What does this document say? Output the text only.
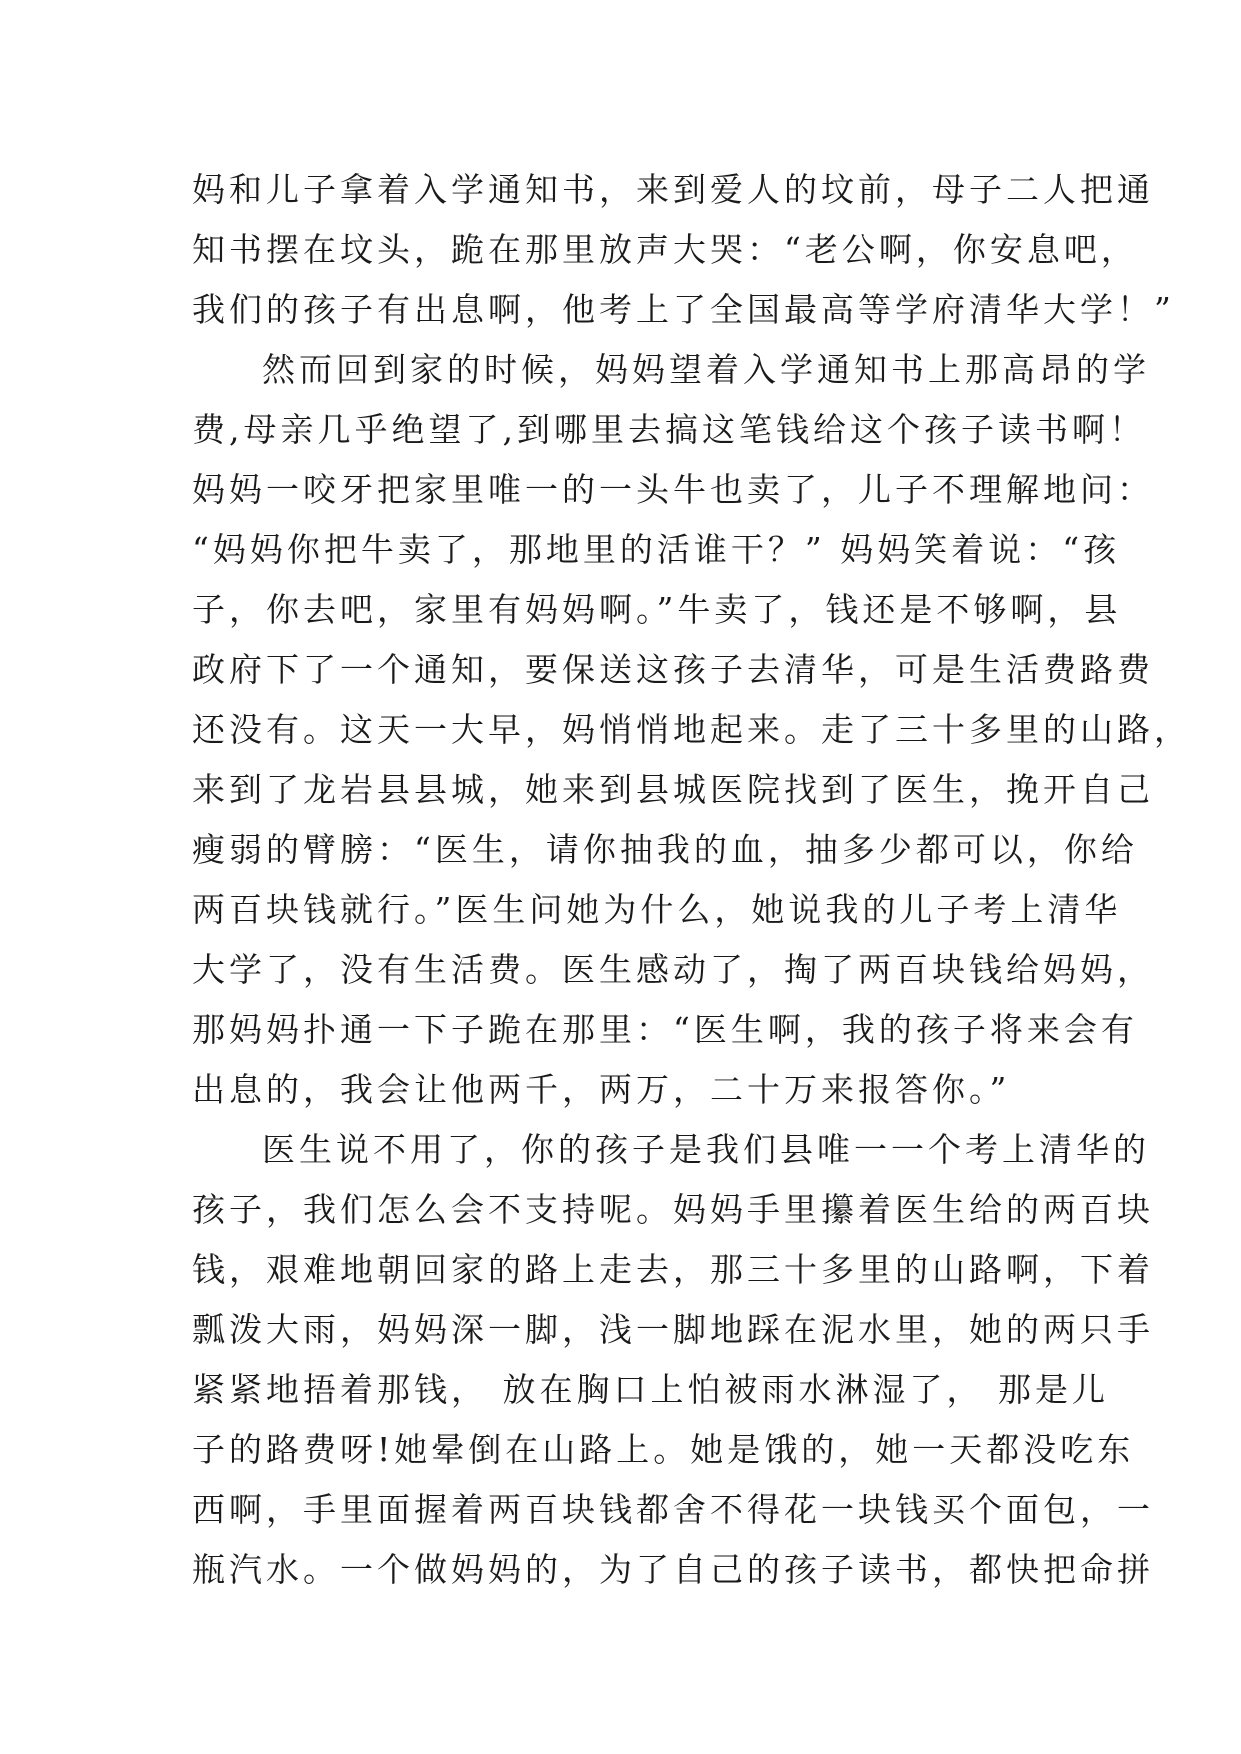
妈和儿子拿着入学通知书，来到爱人的坟前，母子二人把通
知书摆在坟头，跪在那里放声大哭：“老公啊，你安息吧，
我们的孩子有出息啊，他考上了全国最高等学府清华大学！”
然而回到家的时候，妈妈望着入学通知书上那高昂的学
费,母亲几乎绝望了,到哪里去搞这笔钱给这个孩子读书啊！
妈妈一咬牙把家里唯一的一头牛也卖了，儿子不理解地问：
“妈妈你把牛卖了，那地里的活谁干？” 妈妈笑着说：“孩
子，你去吧，家里有妈妈啊。”牛卖了，钱还是不够啊，县
政府下了一个通知，要保送这孩子去清华，可是生活费路费
还没有。这天一大早，妈悄悄地起来。走了三十多里的山路，
来到了龙岩县县城，她来到县城医院找到了医生，挽开自己
瘦弱的臂膀：“医生，请你抽我的血，抽多少都可以，你给
两百块钱就行。”医生问她为什么，她说我的儿子考上清华
大学了，没有生活费。医生感动了，掏了两百块钱给妈妈，
那妈妈扑通一下子跪在那里：“医生啊，我的孩子将来会有
出息的，我会让他两千，两万，二十万来报答你。”
医生说不用了，你的孩子是我们县唯一一个考上清华的
孩子，我们怎么会不支持呢。妈妈手里攥着医生给的两百块
钱，艰难地朝回家的路上走去，那三十多里的山路啊，下着
瓢泼大雨，妈妈深一脚，浅一脚地踩在泥水里，她的两只手
紧紧地捂着那钱， 放在胸口上怕被雨水淋湿了， 那是儿
子的路费呀!她晕倒在山路上。她是饿的，她一天都没吃东
西啊，手里面握着两百块钱都舍不得花一块钱买个面包，一
瓶汽水。一个做妈妈的，为了自己的孩子读书，都快把命拼
